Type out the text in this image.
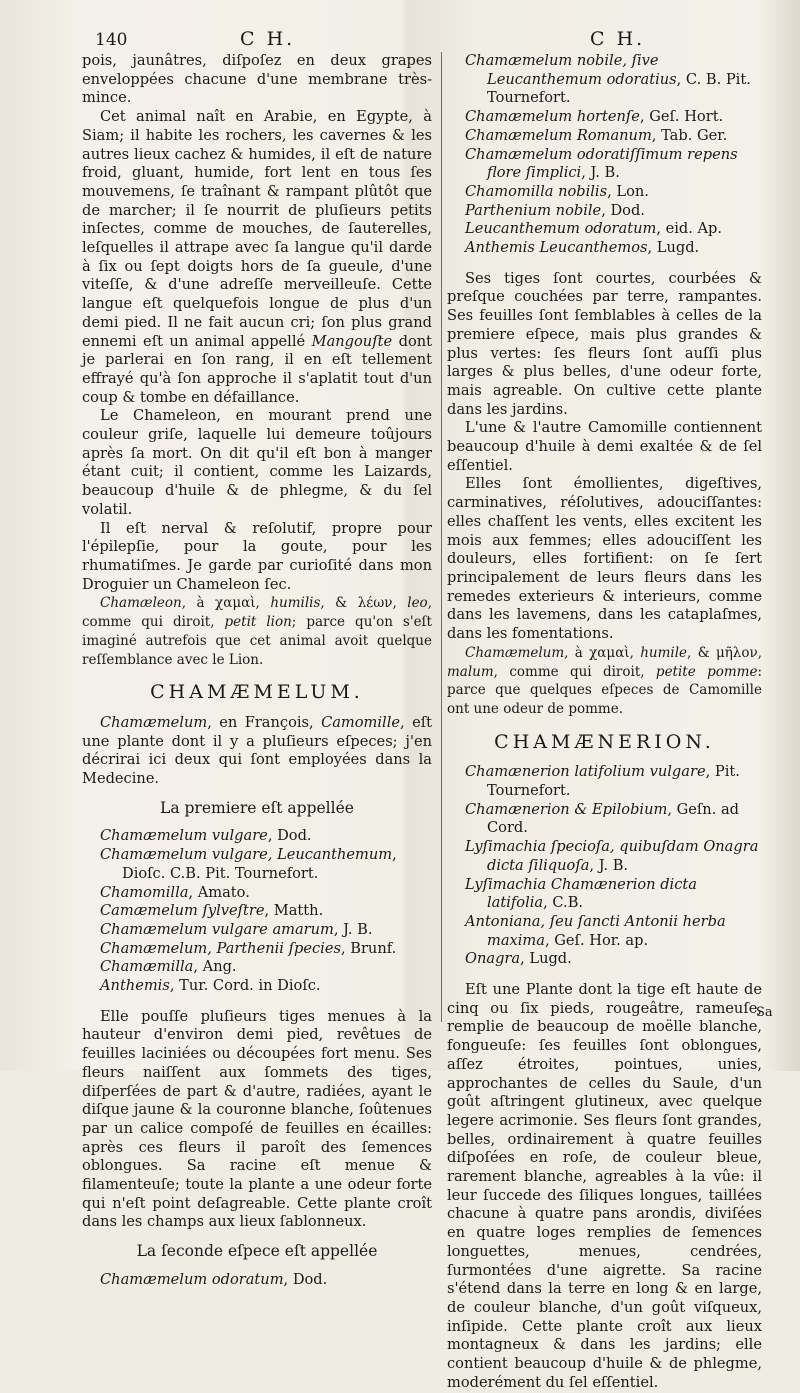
140	C H.	C H.

pois, jaunâtres, diſpoſez en deux grapes enveloppées chacune d'une membrane très-mince.

Cet animal naît en Arabie, en Egypte, à Siam; il habite les rochers, les cavernes & les autres lieux cachez & humides, il eſt de nature froid, gluant, humide, fort lent en tous ſes mouvemens, ſe traînant & rampant plûtôt que de marcher; il ſe nourrit de pluſieurs petits inſectes, comme de mouches, de ſauterelles, leſquelles il attrape avec ſa langue qu'il darde à ſix ou ſept doigts hors de ſa gueule, d'une viteſſe, & d'une adreſſe merveilleuſe. Cette langue eſt quelquefois longue de plus d'un demi pied. Il ne fait aucun cri; ſon plus grand ennemi eſt un animal appellé Mangouſte dont je parlerai en ſon rang, il en eſt tellement effrayé qu'à ſon approche il s'aplatit tout d'un coup & tombe en défaillance.

Le Chameleon, en mourant prend une couleur griſe, laquelle lui demeure toûjours après ſa mort. On dit qu'il eſt bon à manger étant cuit; il contient, comme les Laizards, beaucoup d'huile & de phlegme, & du ſel volatil.

Il eſt nerval & reſolutif, propre pour l'épilepſie, pour la goute, pour les rhumatiſmes. Je garde par curioſité dans mon Droguier un Chameleon ſec.

Chamæleon, à χαμαὶ, humilis, & λέων, leo, comme qui diroit, petit lion; parce qu'on s'eſt imaginé autrefois que cet animal avoit quelque reſſemblance avec le Lion.

CHAMÆMELUM.

Chamæmelum, en François, Camomille, eſt une plante dont il y a pluſieurs eſpeces; j'en décrirai ici deux qui ſont employées dans la Medecine.

La premiere eſt appellée

Chamæmelum vulgare, Dod.

Chamæmelum vulgare, Leucanthemum, Dioſc. C.B. Pit. Tournefort.

Chamomilla, Amato.

Camæmelum ſylveſtre, Matth.

Chamæmelum vulgare amarum, J. B.

Chamæmelum, Parthenii ſpecies, Brunf.

Chamæmilla, Ang.

Anthemis, Tur. Cord. in Dioſc.

Elle pouſſe pluſieurs tiges menues à la hauteur d'environ demi pied, revêtues de feuilles laciniées ou découpées fort menu. Ses fleurs naiſſent aux ſommets des tiges, diſperſées de part & d'autre, radiées, ayant le diſque jaune & la couronne blanche, ſoûtenues par un calice compoſé de feuilles en écailles: après ces fleurs il paroît des ſemences oblongues. Sa racine eſt menue & filamenteuſe; toute la plante a une odeur forte qui n'eſt point deſagreable. Cette plante croît dans les champs aux lieux ſablonneux.

La ſeconde eſpece eſt appellée

Chamæmelum odoratum, Dod.

Chamæmelum nobile, ſive Leucanthemum odoratius, C. B. Pit. Tournefort.

Chamæmelum hortenſe, Geſ. Hort.

Chamæmelum Romanum, Tab. Ger.

Chamæmelum odoratiſſimum repens flore ſimplici, J. B.

Chamomilla nobilis, Lon.

Parthenium nobile, Dod.

Leucanthemum odoratum, eid. Ap.

Anthemis Leucanthemos, Lugd.

Ses tiges ſont courtes, courbées & preſque couchées par terre, rampantes. Ses feuilles ſont ſemblables à celles de la premiere eſpece, mais plus grandes & plus vertes: ſes fleurs ſont auſſi plus larges & plus belles, d'une odeur forte, mais agreable. On cultive cette plante dans les jardins.

L'une & l'autre Camomille contiennent beaucoup d'huile à demi exaltée & de ſel eſſentiel.

Elles ſont émollientes, digeſtives, carminatives, réſolutives, adouciſſantes: elles chaſſent les vents, elles excitent les mois aux femmes; elles adouciſſent les douleurs, elles fortifient: on ſe ſert principalement de leurs fleurs dans les remedes exterieurs & interieurs, comme dans les lavemens, dans les cataplaſmes, dans les fomentations.

Chamæmelum, à χαμαὶ, humile, & μῆλον, malum, comme qui diroit, petite pomme: parce que quelques eſpeces de Camomille ont une odeur de pomme.

CHAMÆNERION.

Chamænerion latifolium vulgare, Pit. Tournefort.

Chamænerion & Epilobium, Geſn. ad Cord.

Lyſimachia ſpecioſa, quibuſdam Onagra dicta ſiliquoſa, J. B.

Lyſimachia Chamænerion dicta latifolia, C.B.

Antoniana, ſeu ſancti Antonii herba maxima, Geſ. Hor. ap.

Onagra, Lugd.

Eſt une Plante dont la tige eſt haute de cinq ou ſix pieds, rougeâtre, rameuſe, remplie de beaucoup de moëlle blanche, fongueuſe: ſes feuilles ſont oblongues, aſſez étroites, pointues, unies, approchantes de celles du Saule, d'un goût aſtringent glutineux, avec quelque legere acrimonie. Ses fleurs ſont grandes, belles, ordinairement à quatre feuilles diſpoſées en roſe, de couleur bleue, rarement blanche, agreables à la vûe: il leur ſuccede des ſiliques longues, taillées chacune à quatre pans arondis, diviſées en quatre loges remplies de ſemences longuettes, menues, cendrées, ſurmontées d'une aigrette. Sa racine s'étend dans la terre en long & en large, de couleur blanche, d'un goût viſqueux, inſipide. Cette plante croît aux lieux montagneux & dans les jardins; elle contient beaucoup d'huile & de phlegme, moderément du ſel eſſentiel.

Sa
